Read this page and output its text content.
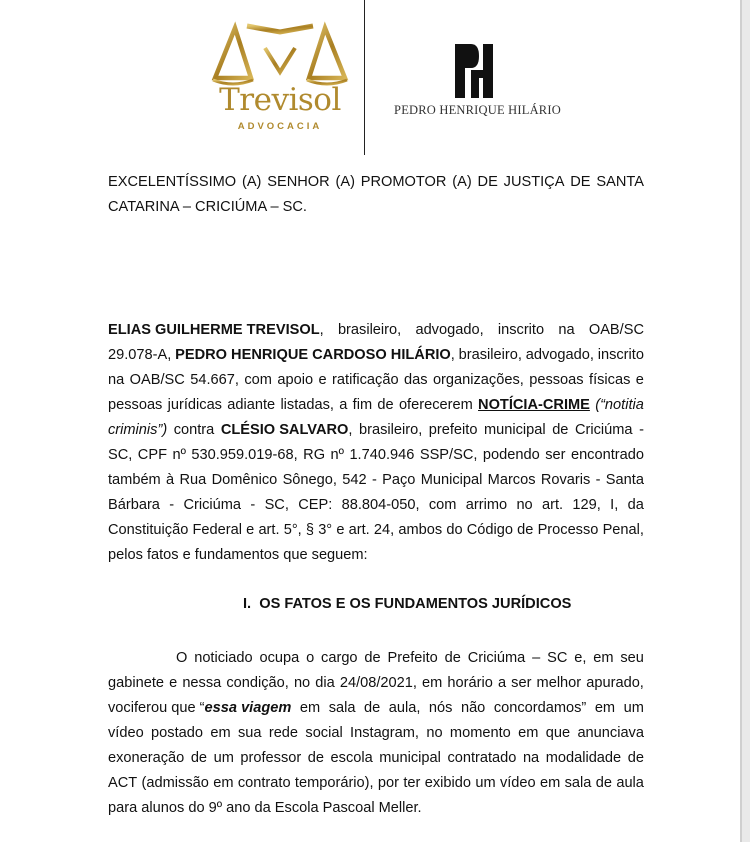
Trevisol
ADVOCACIA
PEDRO HENRIQUE HILÁRIO
EXCELENTÍSSIMO (A) SENHOR (A) PROMOTOR (A) DE JUSTIÇA DE SANTA
CATARINA – CRICIÚMA – SC.

ELIAS GUILHERME TREVISOL, brasileiro, advogado, inscrito na OAB/SC
29.078-A, PEDRO HENRIQUE CARDOSO HILÁRIO, brasileiro, advogado, inscrito
na OAB/SC 54.667, com apoio e ratificação das organizações, pessoas físicas e
pessoas jurídicas adiante listadas, a fim de oferecerem NOTÍCIA-CRIME (“notitia
criminis”) contra CLÉSIO SALVARO, brasileiro, prefeito municipal de Criciúma -
SC, CPF nº 530.959.019-68, RG nº 1.740.946 SSP/SC, podendo ser encontrado
também à Rua Domênico Sônego, 542 - Paço Municipal Marcos Rovaris - Santa
Bárbara - Criciúma - SC, CEP: 88.804-050, com arrimo no art. 129, I, da
Constituição Federal e art. 5°, § 3° e art. 24, ambos do Código de Processo Penal,
pelos fatos e fundamentos que seguem:
I.  OS FATOS E OS FUNDAMENTOS JURÍDICOS
O noticiado ocupa o cargo de Prefeito de Criciúma – SC e, em seu
gabinete e nessa condição, no dia 24/08/2021, em horário a ser melhor apurado,
vociferou que “essa viagem em sala de aula, nós não concordamos” em um
vídeo postado em sua rede social Instagram, no momento em que anunciava
exoneração de um professor de escola municipal contratado na modalidade de
ACT (admissão em contrato temporário), por ter exibido um vídeo em sala de aula
para alunos do 9º ano da Escola Pascoal Meller.
